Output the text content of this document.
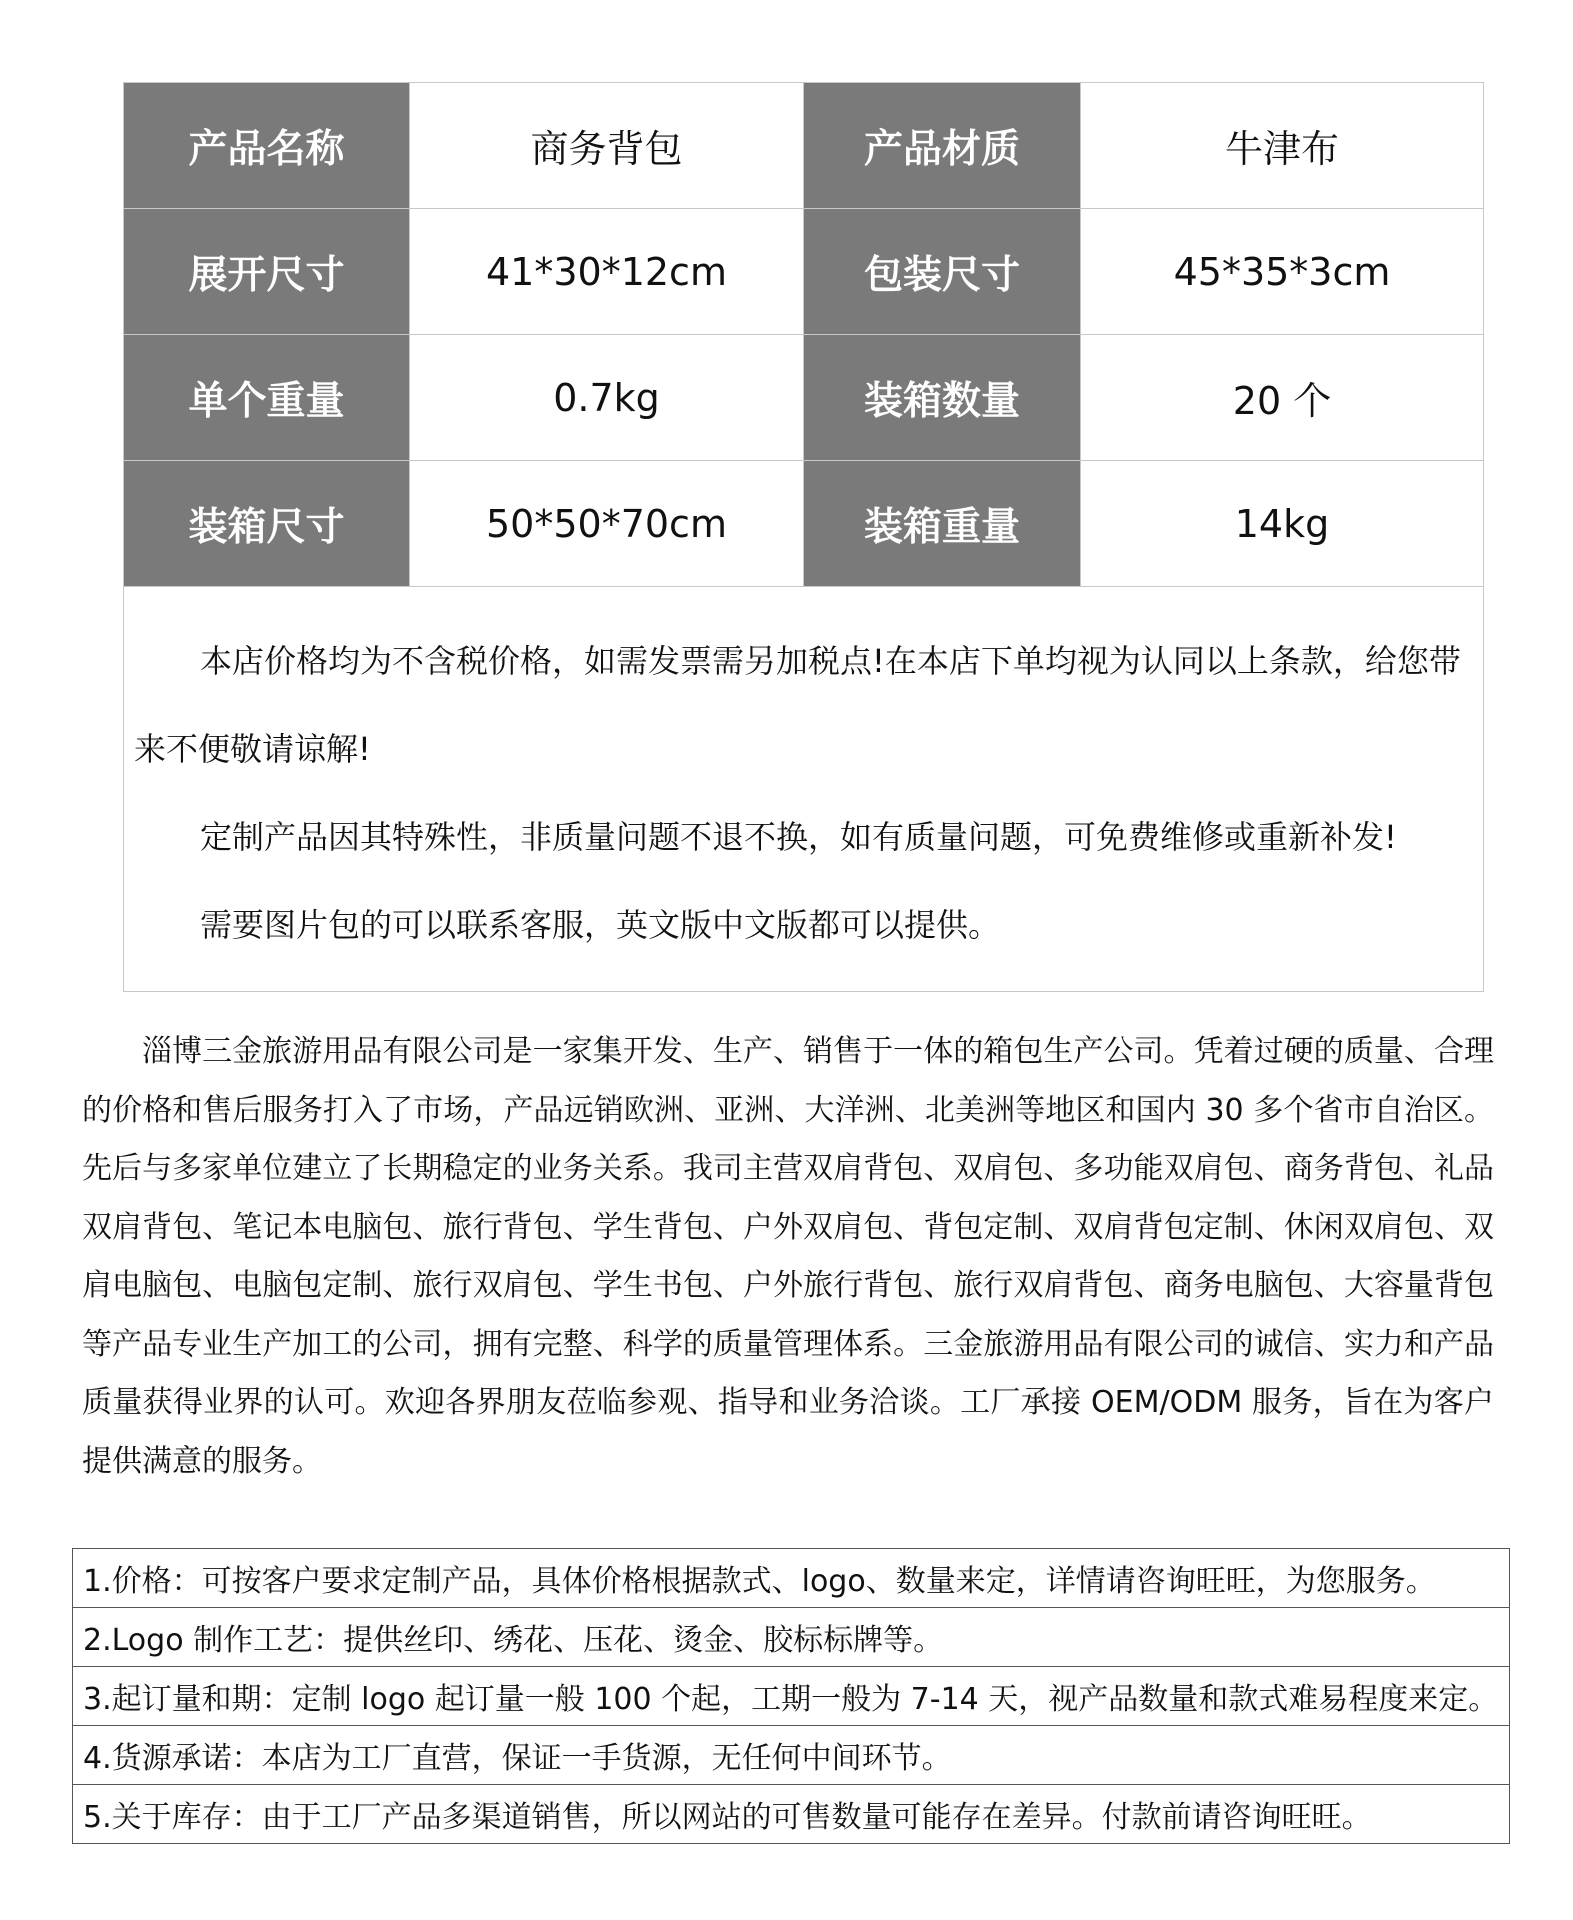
产品名称	商务背包	产品材质	牛津布
展开尺寸	41*30*12cm	包装尺寸	45*35*3cm
单个重量	0.7kg	装箱数量	20 个
装箱尺寸	50*50*70cm	装箱重量	14kg

本店价格均为不含税价格，如需发票需另加税点!在本店下单均视为认同以上条款，给您带来不便敬请谅解!

定制产品因其特殊性，非质量问题不退不换，如有质量问题，可免费维修或重新补发!

需要图片包的可以联系客服，英文版中文版都可以提供。			

淄博三金旅游用品有限公司是一家集开发、生产、销售于一体的箱包生产公司。凭着过硬的质量、合理的价格和售后服务打入了市场，产品远销欧洲、亚洲、大洋洲、北美洲等地区和国内 30 多个省市自治区。先后与多家单位建立了长期稳定的业务关系。我司主营双肩背包、双肩包、多功能双肩包、商务背包、礼品双肩背包、笔记本电脑包、旅行背包、学生背包、户外双肩包、背包定制、双肩背包定制、休闲双肩包、双肩电脑包、电脑包定制、旅行双肩包、学生书包、户外旅行背包、旅行双肩背包、商务电脑包、大容量背包等产品专业生产加工的公司，拥有完整、科学的质量管理体系。三金旅游用品有限公司的诚信、实力和产品质量获得业界的认可。欢迎各界朋友莅临参观、指导和业务洽谈。工厂承接 OEM/ODM 服务，旨在为客户提供满意的服务。

1.价格：可按客户要求定制产品，具体价格根据款式、logo、数量来定，详情请咨询旺旺，为您服务。
2.Logo 制作工艺：提供丝印、绣花、压花、烫金、胶标标牌等。
3.起订量和期：定制 logo 起订量一般 100 个起，工期一般为 7-14 天，视产品数量和款式难易程度来定。
4.货源承诺：本店为工厂直营，保证一手货源，无任何中间环节。
5.关于库存：由于工厂产品多渠道销售，所以网站的可售数量可能存在差异。付款前请咨询旺旺。
